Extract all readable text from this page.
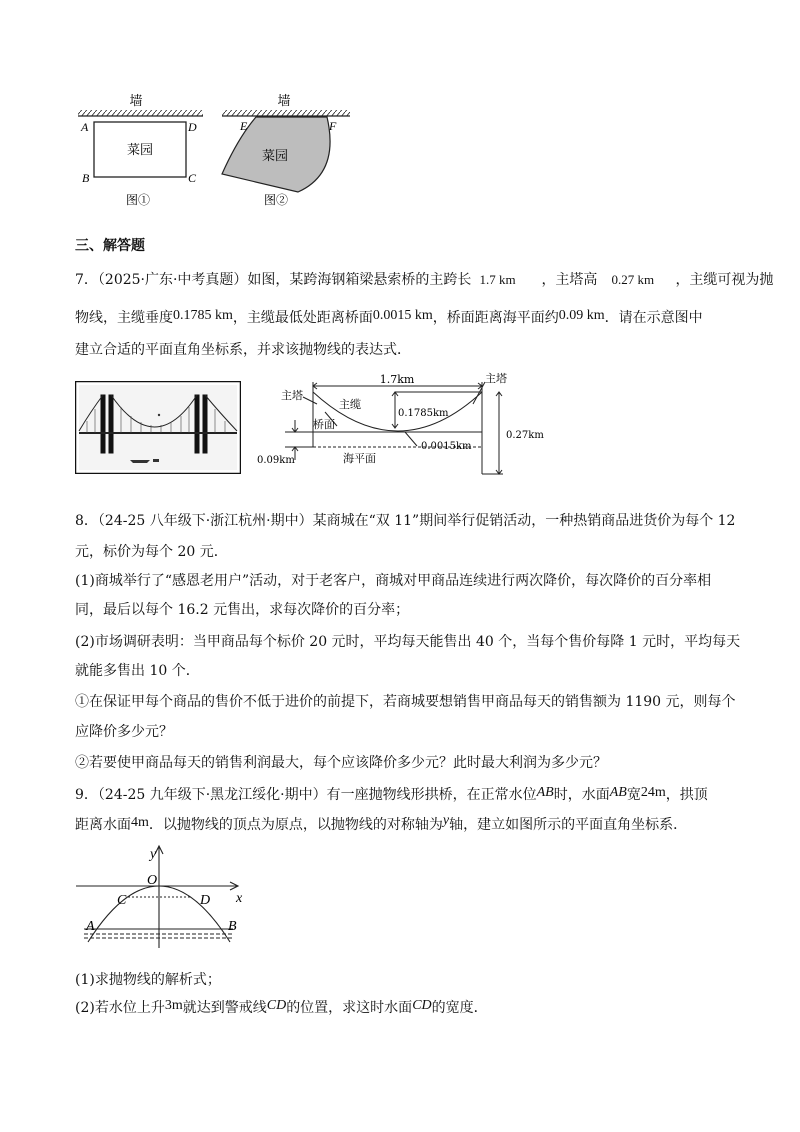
墙
A	D
B	C
菜园
图①
墙
E	F
菜园
图②
三、解答题
7．（2025·广东·中考真题）如图，某跨海钢箱梁悬索桥的主跨长 1.7 km ，主塔高 0.27 km ，主缆可视为抛
物线，主缆垂度0.1785 km，主缆最低处距离桥面0.0015 km，桥面距离海平面约0.09 km．请在示意图中
建立合适的平面直角坐标系，并求该抛物线的表达式．
1.7km
主塔
主塔
主缆
0.1785km
桥面
0.0015km
0.27km
0.09km	海平面
8．（24-25 八年级下·浙江杭州·期中）某商城在“双 11”期间举行促销活动，一种热销商品进货价为每个 12
元，标价为每个 20 元．
(1)商城举行了“感恩老用户”活动，对于老客户，商城对甲商品连续进行两次降价，每次降价的百分率相
同，最后以每个 16.2 元售出，求每次降价的百分率；
(2)市场调研表明：当甲商品每个标价 20 元时，平均每天能售出 40 个，当每个售价每降 1 元时，平均每天
就能多售出 10 个．
①在保证甲每个商品的售价不低于进价的前提下，若商城要想销售甲商品每天的销售额为 1190 元，则每个
应降价多少元？
②若要使甲商品每天的销售利润最大，每个应该降价多少元？此时最大利润为多少元？
9．（24-25 九年级下·黑龙江绥化·期中）有一座抛物线形拱桥，在正常水位AB时，水面AB宽24m，拱顶
距离水面4m．以抛物线的顶点为原点，以抛物线的对称轴为y轴，建立如图所示的平面直角坐标系．
y
O
x
C	D
A	B
(1)求抛物线的解析式；
(2)若水位上升3m就达到警戒线CD的位置，求这时水面CD的宽度．
